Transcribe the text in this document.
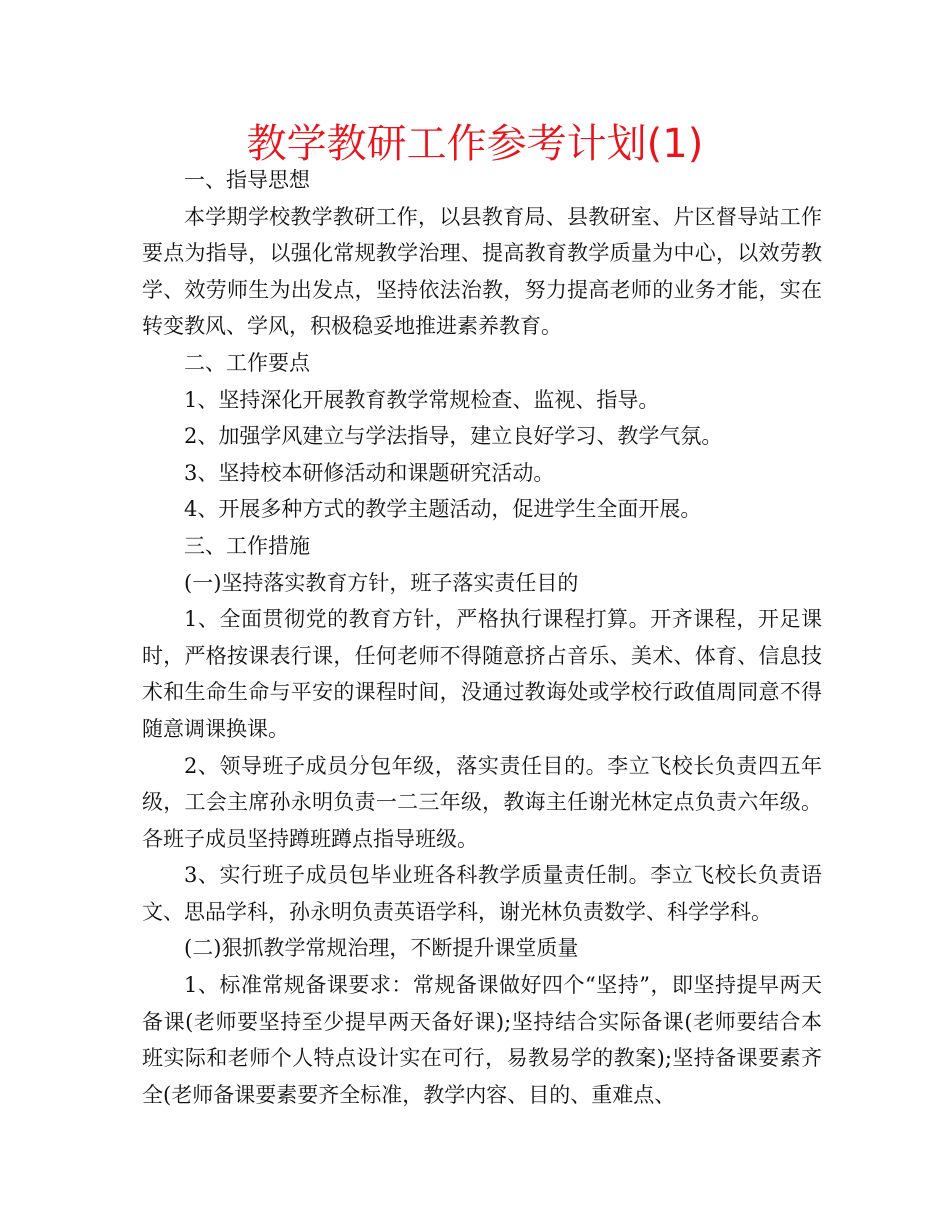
教学教研工作参考计划(1)

一、指导思想

本学期学校教学教研工作，以县教育局、县教研室、片区督导站工作要点为指导，以强化常规教学治理、提高教育教学质量为中心，以效劳教学、效劳师生为出发点，坚持依法治教，努力提高老师的业务才能，实在转变教风、学风，积极稳妥地推进素养教育。

二、工作要点

1、坚持深化开展教育教学常规检查、监视、指导。

2、加强学风建立与学法指导，建立良好学习、教学气氛。

3、坚持校本研修活动和课题研究活动。

4、开展多种方式的教学主题活动，促进学生全面开展。

三、工作措施

(一)坚持落实教育方针，班子落实责任目的

1、全面贯彻党的教育方针，严格执行课程打算。开齐课程，开足课时，严格按课表行课，任何老师不得随意挤占音乐、美术、体育、信息技术和生命生命与平安的课程时间，没通过教诲处或学校行政值周同意不得随意调课换课。

2、领导班子成员分包年级，落实责任目的。李立飞校长负责四五年级，工会主席孙永明负责一二三年级，教诲主任谢光林定点负责六年级。各班子成员坚持蹲班蹲点指导班级。

3、实行班子成员包毕业班各科教学质量责任制。李立飞校长负责语文、思品学科，孙永明负责英语学科，谢光林负责数学、科学学科。

(二)狠抓教学常规治理，不断提升课堂质量

1、标准常规备课要求：常规备课做好四个“坚持”，即坚持提早两天备课(老师要坚持至少提早两天备好课);坚持结合实际备课(老师要结合本班实际和老师个人特点设计实在可行，易教易学的教案);坚持备课要素齐全(老师备课要素要齐全标准，教学内容、目的、重难点、
